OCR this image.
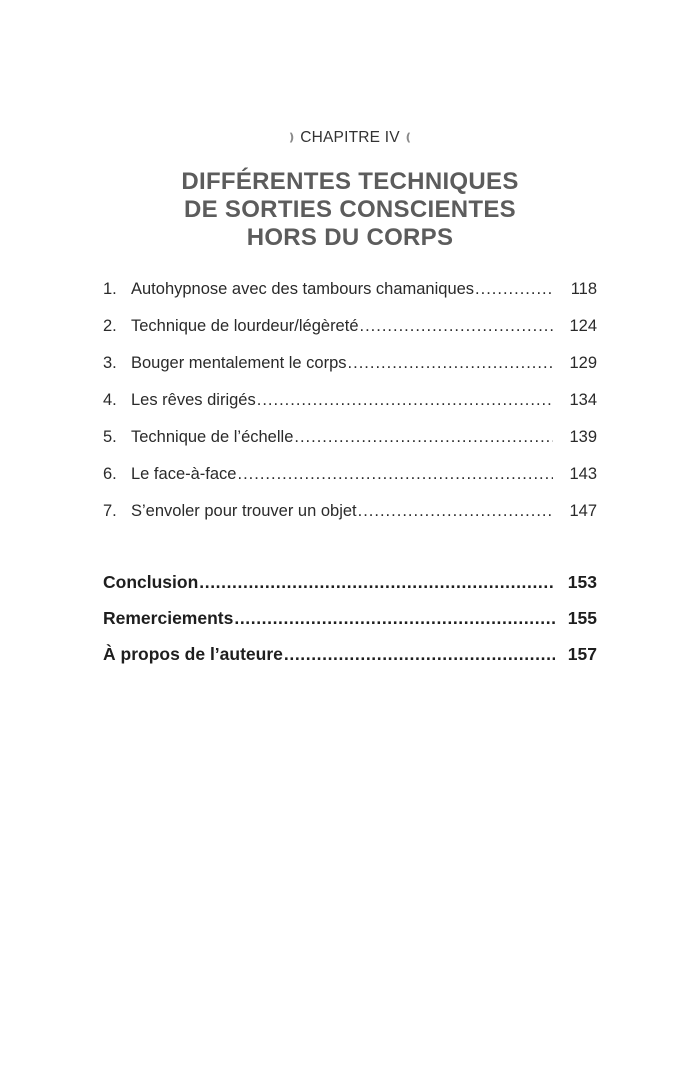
❫ CHAPITRE IV ❪
DIFFÉRENTES TECHNIQUES
DE SORTIES CONSCIENTES
HORS DU CORPS
1. Autohypnose avec des tambours chamaniques .....	118
2. Technique de lourdeur/légèreté .....	124
3. Bouger mentalement le corps .....	129
4. Les rêves dirigés .....	134
5. Technique de l’échelle .....	139
6. Le face-à-face .....	143
7. S’envoler pour trouver un objet .....	147
Conclusion .....	153
Remerciements .....	155
À propos de l’auteure .....	157
